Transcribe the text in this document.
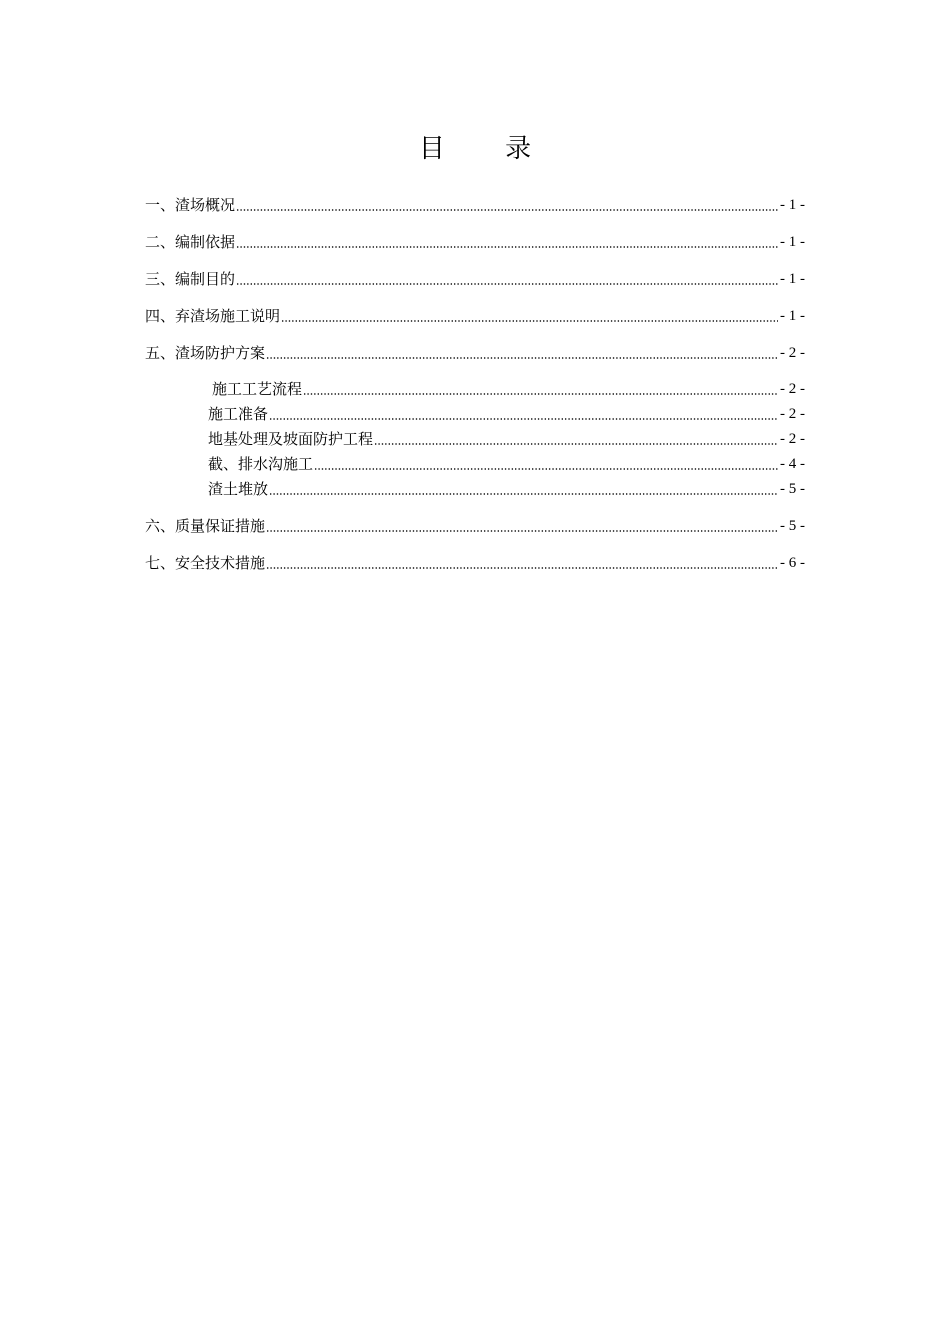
目 录
一、渣场概况	- 1 -
二、编制依据	- 1 -
三、编制目的	- 1 -
四、弃渣场施工说明	- 1 -
五、渣场防护方案	- 2 -
施工工艺流程	- 2 -
施工准备	- 2 -
地基处理及坡面防护工程	- 2 -
截、排水沟施工	- 4 -
渣土堆放	- 5 -
六、质量保证措施	- 5 -
七、安全技术措施	- 6 -
